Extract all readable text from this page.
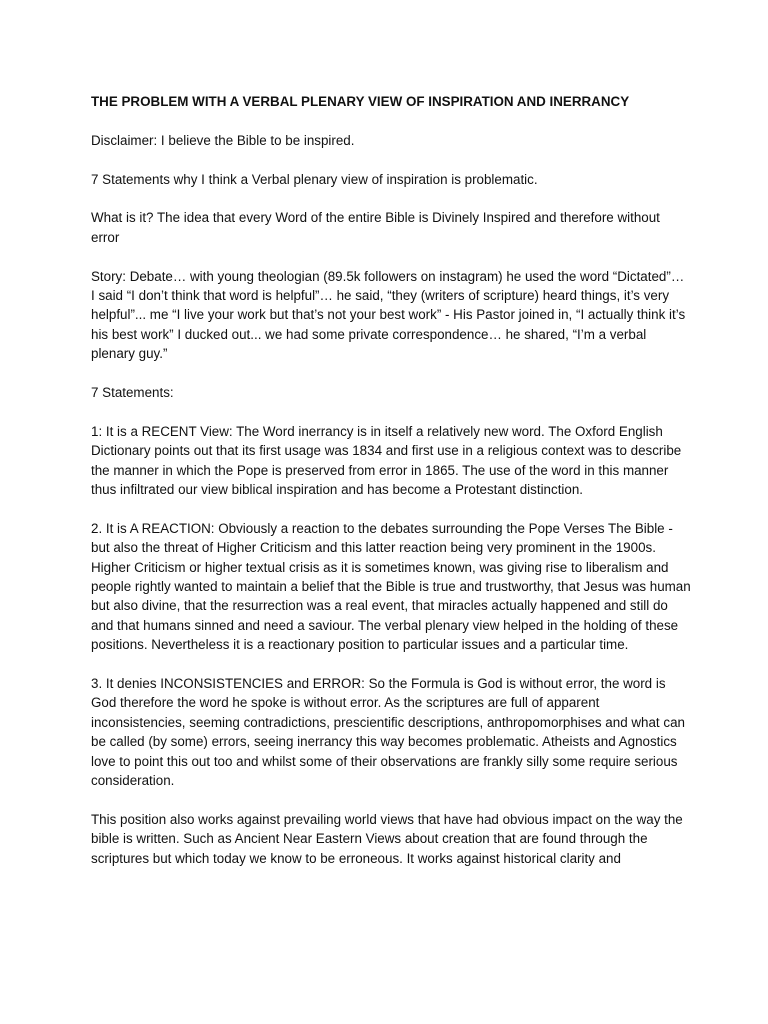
THE PROBLEM WITH A VERBAL PLENARY VIEW OF INSPIRATION AND INERRANCY
Disclaimer: I believe the Bible to be inspired.
7 Statements why I think a Verbal plenary view of inspiration is problematic.
What is it? The idea that every Word of the entire Bible is Divinely Inspired and therefore without error
Story: Debate… with young theologian (89.5k followers on instagram) he used the word “Dictated”… I said “I don’t think that word is helpful”… he said, “they (writers of scripture) heard things, it’s very helpful”... me “I live your work but that’s not your best work” - His Pastor joined in, “I actually think it’s his best work” I ducked out... we had some private correspondence… he shared, “I’m a verbal plenary guy.”
7 Statements:
1: It is a RECENT View: The Word inerrancy is in itself a relatively new word. The Oxford English Dictionary points out that its first usage was 1834 and first use in a religious context was to describe the manner in which the Pope is preserved from error in 1865. The use of the word in this manner thus infiltrated our view biblical inspiration and has become a Protestant distinction.
2. It is A REACTION: Obviously a reaction to the debates surrounding the Pope Verses The Bible - but also the threat of Higher Criticism and this latter reaction being very prominent in the 1900s. Higher Criticism or higher textual crisis as it is sometimes known, was giving rise to liberalism and people rightly wanted to maintain a belief that the Bible is true and trustworthy, that Jesus was human but also divine, that the resurrection was a real event, that miracles actually happened and still do and that humans sinned and need a saviour. The verbal plenary view helped in the holding of these positions. Nevertheless it is a reactionary position to particular issues and a particular time.
3. It denies INCONSISTENCIES and ERROR: So the Formula is God is without error, the word is God therefore the word he spoke is without error. As the scriptures are full of apparent inconsistencies, seeming contradictions, prescientific descriptions, anthropomorphises and what can be called (by some) errors, seeing inerrancy this way becomes problematic. Atheists and Agnostics love to point this out too and whilst some of their observations are frankly silly some require serious consideration.
This position also works against prevailing world views that have had obvious impact on the way the bible is written. Such as Ancient Near Eastern Views about creation that are found through the scriptures but which today we know to be erroneous. It works against historical clarity and
